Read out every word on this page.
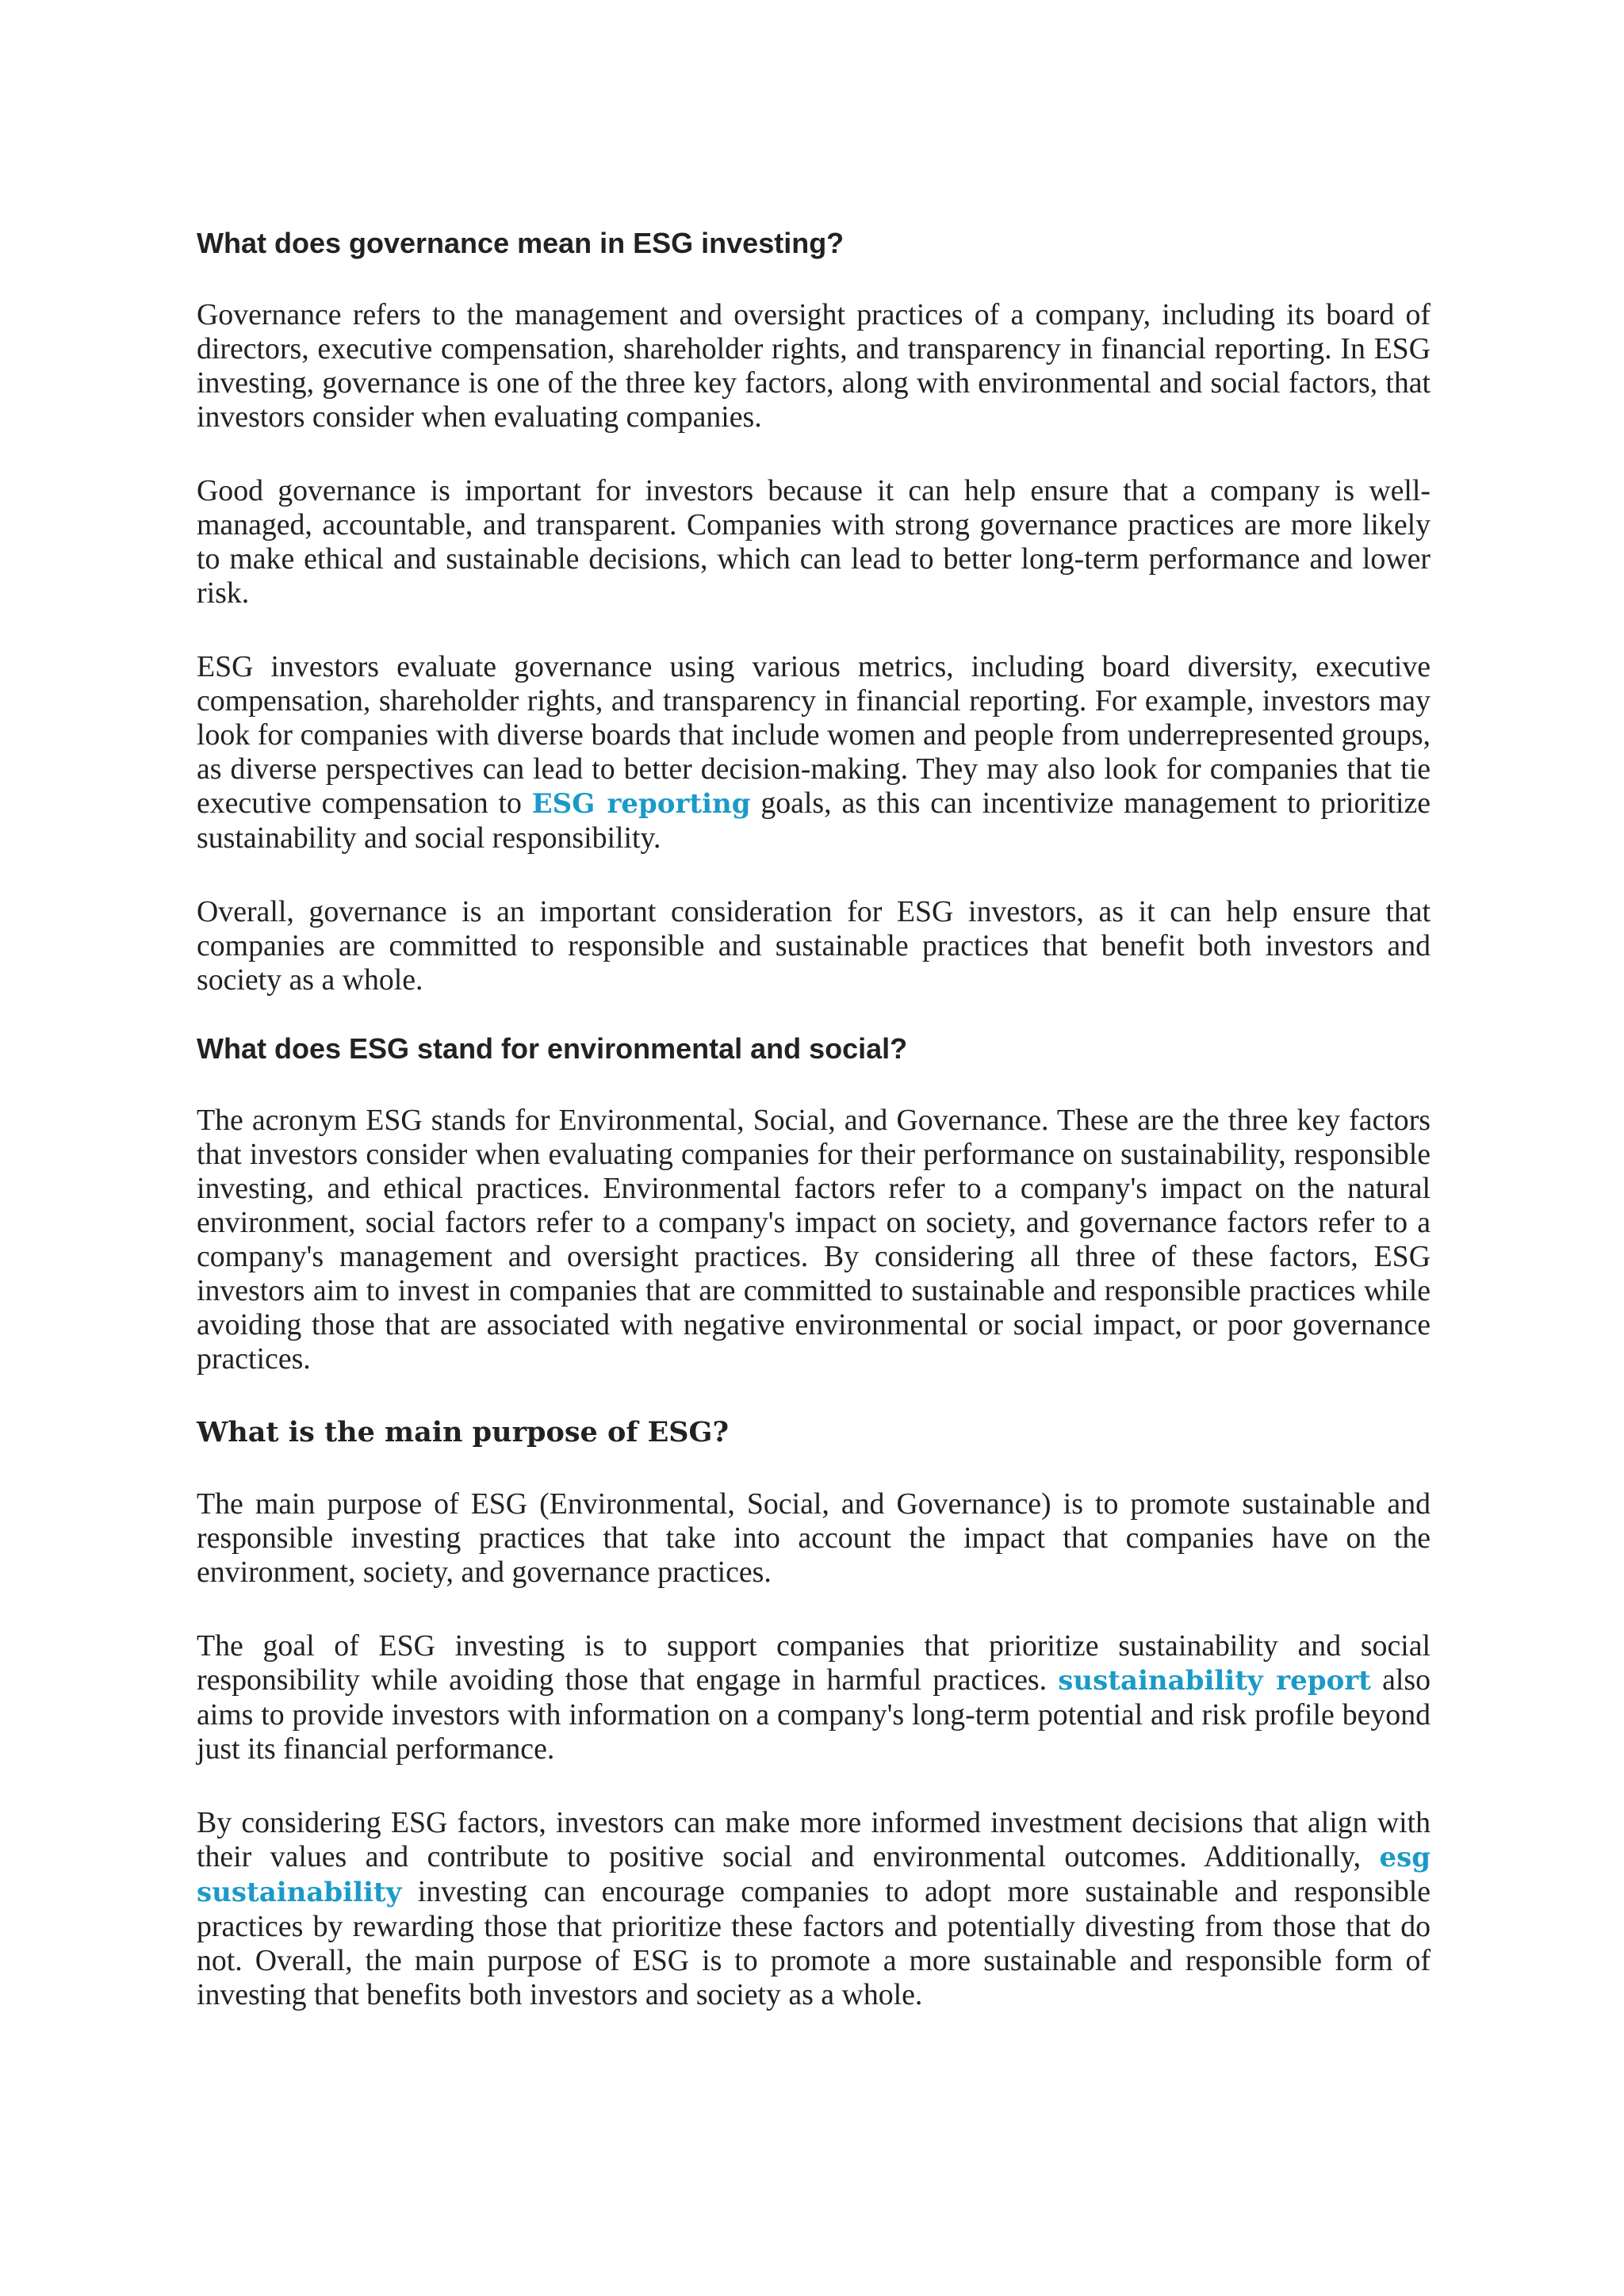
What does governance mean in ESG investing?

Governance refers to the management and oversight practices of a company, including its board of directors, executive compensation, shareholder rights, and transparency in financial reporting. In ESG investing, governance is one of the three key factors, along with environmental and social factors, that investors consider when evaluating companies.

Good governance is important for investors because it can help ensure that a company is well-managed, accountable, and transparent. Companies with strong governance practices are more likely to make ethical and sustainable decisions, which can lead to better long-term performance and lower risk.

ESG investors evaluate governance using various metrics, including board diversity, executive compensation, shareholder rights, and transparency in financial reporting. For example, investors may look for companies with diverse boards that include women and people from underrepresented groups, as diverse perspectives can lead to better decision-making. They may also look for companies that tie executive compensation to ESG reporting goals, as this can incentivize management to prioritize sustainability and social responsibility.

Overall, governance is an important consideration for ESG investors, as it can help ensure that companies are committed to responsible and sustainable practices that benefit both investors and society as a whole.

What does ESG stand for environmental and social?

The acronym ESG stands for Environmental, Social, and Governance. These are the three key factors that investors consider when evaluating companies for their performance on sustainability, responsible investing, and ethical practices. Environmental factors refer to a company's impact on the natural environment, social factors refer to a company's impact on society, and governance factors refer to a company's management and oversight practices. By considering all three of these factors, ESG investors aim to invest in companies that are committed to sustainable and responsible practices while avoiding those that are associated with negative environmental or social impact, or poor governance practices.

What is the main purpose of ESG?

The main purpose of ESG (Environmental, Social, and Governance) is to promote sustainable and responsible investing practices that take into account the impact that companies have on the environment, society, and governance practices.

The goal of ESG investing is to support companies that prioritize sustainability and social responsibility while avoiding those that engage in harmful practices. sustainability report also aims to provide investors with information on a company's long-term potential and risk profile beyond just its financial performance.

By considering ESG factors, investors can make more informed investment decisions that align with their values and contribute to positive social and environmental outcomes. Additionally, esg sustainability investing can encourage companies to adopt more sustainable and responsible practices by rewarding those that prioritize these factors and potentially divesting from those that do not. Overall, the main purpose of ESG is to promote a more sustainable and responsible form of investing that benefits both investors and society as a whole.
